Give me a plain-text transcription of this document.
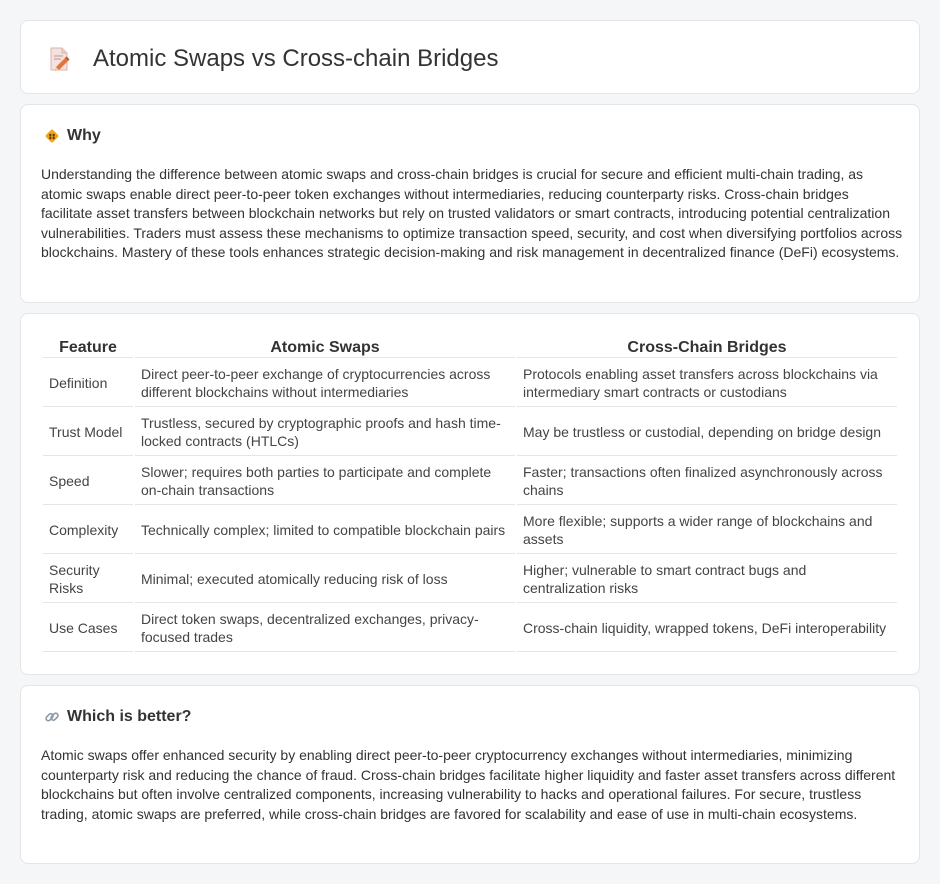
Atomic Swaps vs Cross-chain Bridges
Why

Understanding the difference between atomic swaps and cross-chain bridges is crucial for secure and efficient multi-chain trading, as atomic swaps enable direct peer-to-peer token exchanges without intermediaries, reducing counterparty risks. Cross-chain bridges facilitate asset transfers between blockchain networks but rely on trusted validators or smart contracts, introducing potential centralization vulnerabilities. Traders must assess these mechanisms to optimize transaction speed, security, and cost when diversifying portfolios across blockchains. Mastery of these tools enhances strategic decision-making and risk management in decentralized finance (DeFi) ecosystems.

Feature	Atomic Swaps	Cross-Chain Bridges
Definition	Direct peer-to-peer exchange of cryptocurrencies across different blockchains without intermediaries	Protocols enabling asset transfers across blockchains via intermediary smart contracts or custodians
Trust Model	Trustless, secured by cryptographic proofs and hash time-locked contracts (HTLCs)	May be trustless or custodial, depending on bridge design
Speed	Slower; requires both parties to participate and complete on-chain transactions	Faster; transactions often finalized asynchronously across chains
Complexity	Technically complex; limited to compatible blockchain pairs	More flexible; supports a wider range of blockchains and assets
Security Risks	Minimal; executed atomically reducing risk of loss	Higher; vulnerable to smart contract bugs and centralization risks
Use Cases	Direct token swaps, decentralized exchanges, privacy-focused trades	Cross-chain liquidity, wrapped tokens, DeFi interoperability
Which is better?

Atomic swaps offer enhanced security by enabling direct peer-to-peer cryptocurrency exchanges without intermediaries, minimizing counterparty risk and reducing the chance of fraud. Cross-chain bridges facilitate higher liquidity and faster asset transfers across different blockchains but often involve centralized components, increasing vulnerability to hacks and operational failures. For secure, trustless trading, atomic swaps are preferred, while cross-chain bridges are favored for scalability and ease of use in multi-chain ecosystems.
